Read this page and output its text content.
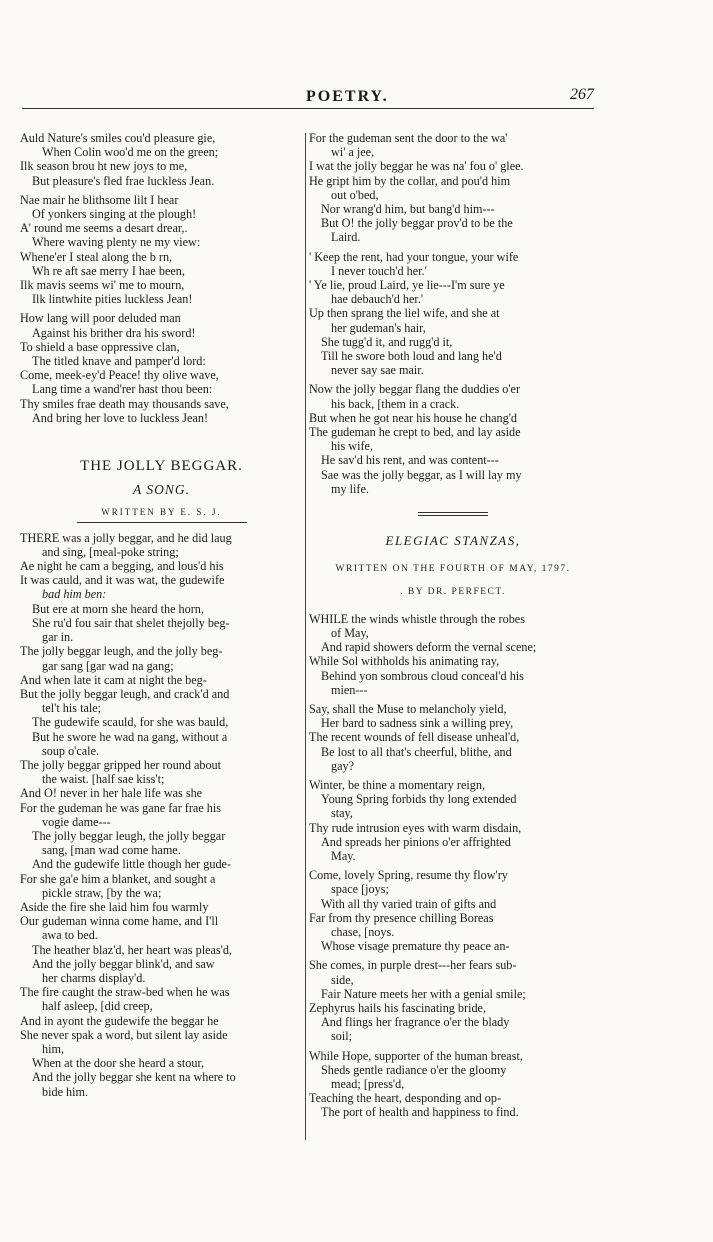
POETRY.	267
Auld Nature's smiles cou'd pleasure gie,
When Colin woo'd me on the green;
Ilk season brou ht new joys to me,
But pleasure's fled frae luckless Jean.
Nae mair he blithsome lilt I hear
Of yonkers singing at the plough!
A' round me seems a desart drear,.
Where waving plenty ne my view:
Whene'er I steal along the b rn,
Wh re aft sae merry I hae been,
Ilk mavis seems wi' me to mourn,
Ilk lintwhite pities luckless Jean!
How lang will poor deluded man
Against his brither dra his sword!
To shield a base oppressive clan,
The titled knave and pamper'd lord:
Come, meek-ey'd Peace! thy olive wave,
Lang time a wand'rer hast thou been:
Thy smiles frae death may thousands save,
And bring her love to luckless Jean!
THE JOLLY BEGGAR.
A SONG.
WRITTEN BY E. S. J.
THERE was a jolly beggar, and he did laug
and sing, [meal-poke string;
Ae night he cam a begging, and lous'd his
It was cauld, and it was wat, the gudewife
bad him ben:
But ere at morn she heard the horn,
She ru'd fou sair that shelet thejolly beg-
gar in.
The jolly beggar leugh, and the jolly beg-
gar sang [gar wad na gang;
And when late it cam at night the beg-
But the jolly beggar leugh, and crack'd and
tel't his tale;
The gudewife scauld, for she was bauld,
But he swore he wad na gang, without a
soup o'cale.
The jolly beggar gripped her round about
the waist. [half sae kiss't;
And O! never in her hale life was she
For the gudeman he was gane far frae his
vogie dame---
The jolly beggar leugh, the jolly beggar
sang, [man wad come hame.
And the gudewife little though her gude-
For she ga'e him a blanket, and sought a
pickle straw, [by the wa;
Aside the fire she laid him fou warmly
Our gudeman winna come hame, and I'll
awa to bed.
The heather blaz'd, her heart was pleas'd,
And the jolly beggar blink'd, and saw
her charms display'd.
The fire caught the straw-bed when he was
half asleep, [did creep,
And in ayont the gudewife the beggar he
She never spak a word, but silent lay aside
him,
When at the door she heard a stour,
And the jolly beggar she kent na where to
bide him.
For the gudeman sent the door to the wa'
wi' a jee,
I wat the jolly beggar he was na' fou o' glee.
He gript him by the collar, and pou'd him
out o'bed,
Nor wrang'd him, but bang'd him---
But O! the jolly beggar prov'd to be the
Laird.
' Keep the rent, had your tongue, your wife
I never touch'd her.'
' Ye lie, proud Laird, ye lie---I'm sure ye
hae debauch'd her.'
Up then sprang the liel wife, and she at
her gudeman's hair,
She tugg'd it, and rugg'd it,
Till he swore both loud and lang he'd
never say sae mair.
Now the jolly beggar flang the duddies o'er
his back, [them in a crack.
But when he got near his house he chang'd
The gudeman he crept to bed, and lay aside
his wife,
He sav'd his rent, and was content---
Sae was the jolly beggar, as I will lay my
my life.
ELEGIAC STANZAS,
WRITTEN ON THE FOURTH OF MAY, 1797.
. BY DR. PERFECT.
WHILE the winds whistle through the robes
of May,
And rapid showers deform the vernal scene;
While Sol withholds his animating ray,
Behind yon sombrous cloud conceal'd his
mien---
Say, shall the Muse to melancholy yield,
Her bard to sadness sink a willing prey,
The recent wounds of fell disease unheal'd,
Be lost to all that's cheerful, blithe, and
gay?
Winter, be thine a momentary reign,
Young Spring forbids thy long extended
stay,
Thy rude intrusion eyes with warm disdain,
And spreads her pinions o'er affrighted
May.
Come, lovely Spring, resume thy flow'ry
space [joys;
With all thy varied train of gifts and
Far from thy presence chilling Boreas
chase, [noys.
Whose visage premature thy peace an-
She comes, in purple drest---her fears sub-
side,
Fair Nature meets her with a genial smile;
Zephyrus hails his fascinating bride,
And flings her fragrance o'er the blady
soil;
While Hope, supporter of the human breast,
Sheds gentle radiance o'er the gloomy
mead; [press'd,
Teaching the heart, desponding and op-
The port of health and happiness to find.
